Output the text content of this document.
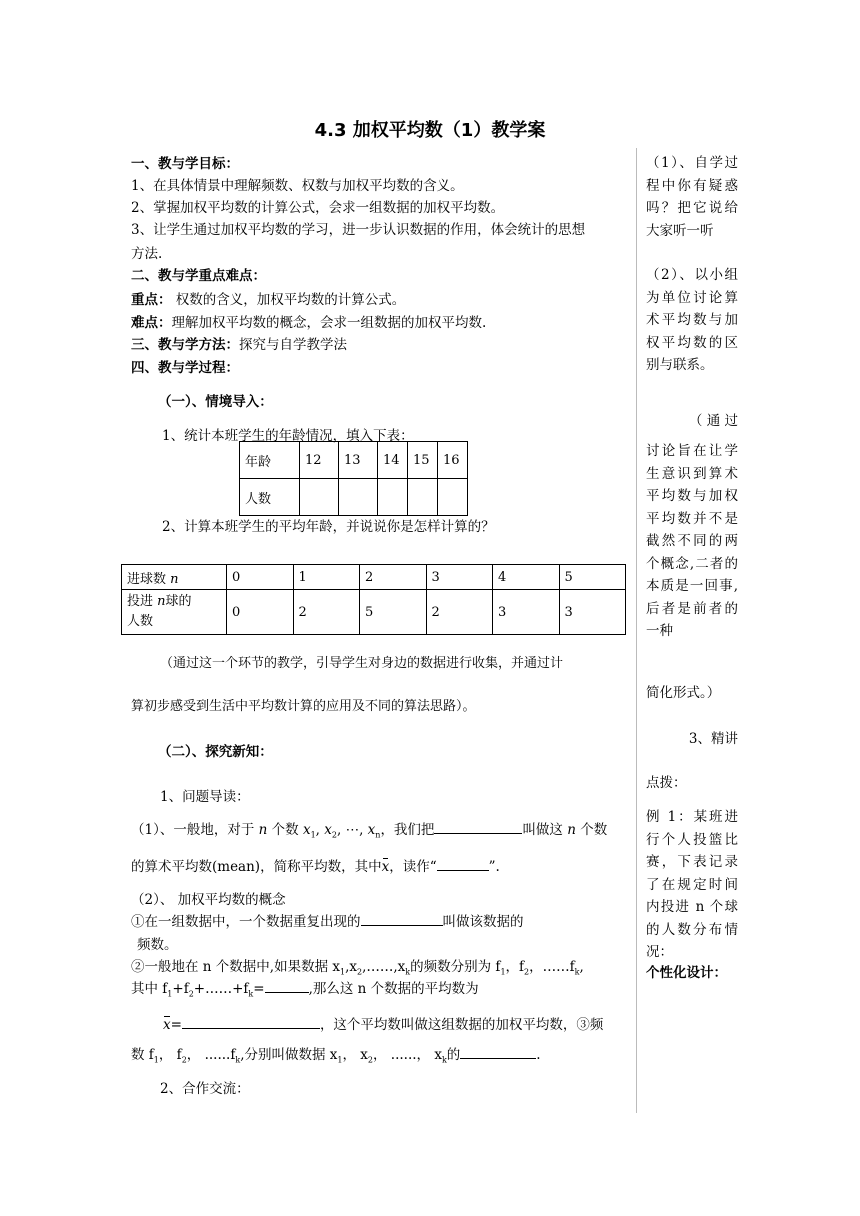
4.3 加权平均数（1）教学案
一、教与学目标：
1、在具体情景中理解频数、权数与加权平均数的含义。
2、掌握加权平均数的计算公式，会求一组数据的加权平均数。
3、让学生通过加权平均数的学习，进一步认识数据的作用，体会统计的思想
方法.
二、教与学重点难点：
重点： 权数的含义，加权平均数的计算公式。
难点：理解加权平均数的概念，会求一组数据的加权平均数.
三、教与学方法：探究与自学教学法
四、教与学过程：
（一）、情境导入：
1、统计本班学生的年龄情况，填入下表：
年龄	12	13	14	15	16
人数					
2、计算本班学生的平均年龄，并说说你是怎样计算的？
进球数 n	0	1	2	3	4	5
投进 n球的
人数	0	2	5	2	3	3
（通过这一个环节的教学，引导学生对身边的数据进行收集，并通过计
算初步感受到生活中平均数计算的应用及不同的算法思路）。
（二）、探究新知：
1、问题导读：
（1）、一般地，对于 n 个数 $x_1$, $x_2$, ⋯, $x_n$，我们把	叫做这 n 个数
的算术平均数(mean)，简称平均数，其中x，读作“	”.
（2）、 加权平均数的概念
①在一组数据中，一个数据重复出现的	叫做该数据的
频数。
②一般地在 n 个数据中,如果数据 $x_1,x_2,\dots\dots,x_k$的频数分别为 $f_1$，$f_2$，$\dots\dots f_k$,
其中 $f_1+f_2+\dots\dots+f_k=$	,那么这 n 个数据的平均数为
x=	，这个平均数叫做这组数据的加权平均数，③频
数 $f_1$， $f_2$， $......f_k$,分别叫做数据 $x_1$， $x_2$， ......， $x_k$的	.
2、合作交流：
（1）、自学过程中你有疑惑吗？把它说给大家听一听
（2）、以小组为单位讨论算术平均数与加权平均数的区别与联系。
（ 通 过
讨论旨在让学生意识到算术平均数与加权平均数并不是截然不同的两个概念,二者的本质是一回事,后者是前者的一种
简化形式。）
3、精讲
点拨：
例 1：某班进行个人投篮比赛，下表记录了在规定时间内投进 n 个球的人数分布情况：
个性化设计：
